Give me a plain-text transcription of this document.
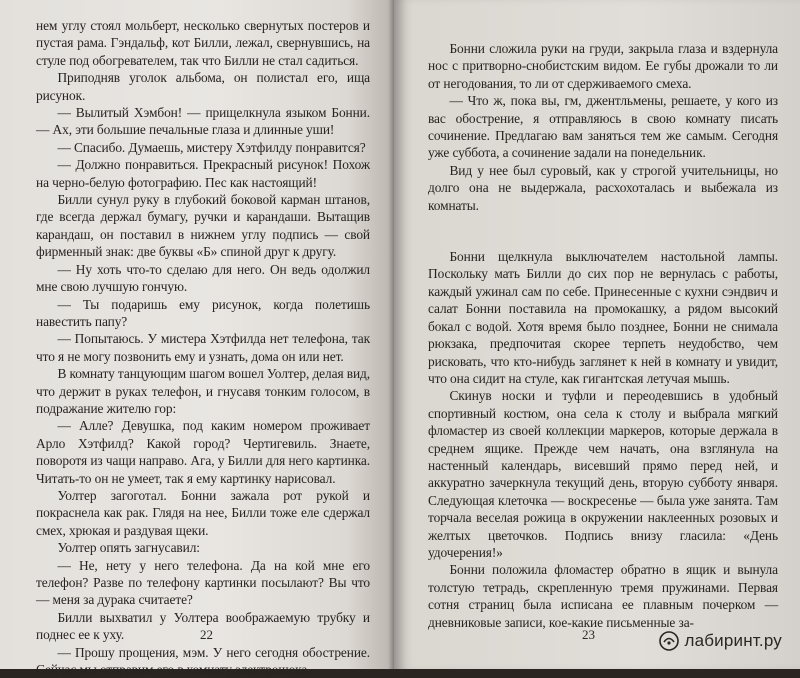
нем углу стоял мольберт, несколько свернутых постеров и пустая рама. Гэндальф, кот Билли, лежал, свернувшись, на стуле под обогревателем, так что Билли не стал садиться.

Приподняв уголок альбома, он полистал его, ища рисунок.

— Вылитый Хэмбон! — прищелкнула языком Бонни. — Ах, эти большие печальные глаза и длинные уши!

— Спасибо. Думаешь, мистеру Хэтфилду понравится?

— Должно понравиться. Прекрасный рисунок! Похож на черно-белую фотографию. Пес как настоящий!

Билли сунул руку в глубокий боковой карман штанов, где всегда держал бумагу, ручки и карандаши. Вытащив карандаш, он поставил в нижнем углу подпись — свой фирменный знак: две буквы «Б» спиной друг к другу.

— Ну хоть что-то сделаю для него. Он ведь одолжил мне свою лучшую гончую.

— Ты подаришь ему рисунок, когда полетишь навестить папу?

— Попытаюсь. У мистера Хэтфилда нет телефона, так что я не могу позвонить ему и узнать, дома он или нет.

В комнату танцующим шагом вошел Уолтер, делая вид, что держит в руках телефон, и гнусавя тонким голосом, в подражание жителю гор:

— Алле? Девушка, под каким номером проживает Арло Хэтфилд? Какой город? Чертигевиль. Знаете, поворотя из чащи направо. Ага, у Билли для него картинка. Читать-то он не умеет, так я ему картинку нарисовал.

Уолтер загоготал. Бонни зажала рот рукой и покраснела как рак. Глядя на нее, Билли тоже еле сдержал смех, хрюкая и раздувая щеки.

Уолтер опять загнусавил:

— Не, нету у него телефона. Да на кой мне его телефон? Разве по телефону картинки посылают? Вы что — меня за дурака считаете?

Билли выхватил у Уолтера воображаемую трубку и поднес ее к уху.

— Прошу прощения, мэм. У него сегодня обострение. Сейчас мы отправим его в комнату электрошока.

22

Бонни сложила руки на груди, закрыла глаза и вздернула нос с притворно-снобистским видом. Ее губы дрожали то ли от негодования, то ли от сдерживаемого смеха.

— Что ж, пока вы, гм, джентльмены, решаете, у кого из вас обострение, я отправляюсь в свою комнату писать сочинение. Предлагаю вам заняться тем же самым. Сегодня уже суббота, а сочинение задали на понедельник.

Вид у нее был суровый, как у строгой учительницы, но долго она не выдержала, расхохоталась и выбежала из комнаты.

Бонни щелкнула выключателем настольной лампы. Поскольку мать Билли до сих пор не вернулась с работы, каждый ужинал сам по себе. Принесенные с кухни сэндвич и салат Бонни поставила на промокашку, а рядом высокий бокал с водой. Хотя время было позднее, Бонни не снимала рюкзака, предпочитая скорее терпеть неудобство, чем рисковать, что кто-нибудь заглянет к ней в комнату и увидит, что она сидит на стуле, как гигантская летучая мышь.

Скинув носки и туфли и переодевшись в удобный спортивный костюм, она села к столу и выбрала мягкий фломастер из своей коллекции маркеров, которые держала в среднем ящике. Прежде чем начать, она взглянула на настенный календарь, висевший прямо перед ней, и аккуратно зачеркнула текущий день, вторую субботу января. Следующая клеточка — воскресенье — была уже занята. Там торчала веселая рожица в окружении наклеенных розовых и желтых цветочков. Подпись внизу гласила: «День удочерения!»

Бонни положила фломастер обратно в ящик и вынула толстую тетрадь, скрепленную тремя пружинами. Первая сотня страниц была исписана ее плавным почерком — дневниковые записи, кое-какие письменные за-

23	лабиринт.ру
